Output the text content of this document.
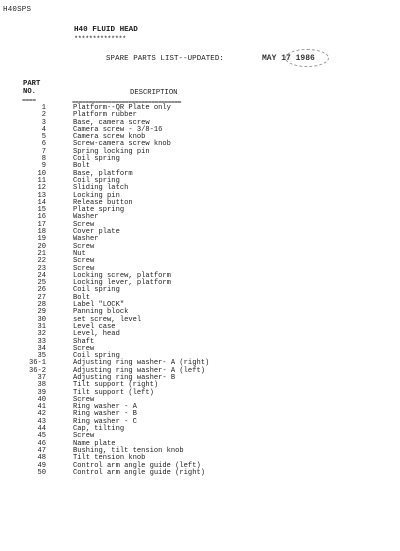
H40SPS
H40 FLUID HEAD
**************
SPARE PARTS LIST--UPDATED:	MAY 17 1986
PART
NO.	DESCRIPTION
====	=================================
1	Platform--QR Plate only
2	Platform rubber
3	Base, camera screw
4	Camera screw - 3/8-16
5	Camera screw knob
6	Screw-camera screw knob
7	Spring locking pin
8	Coil spring
9	Bolt
10	Base, platform
11	Coil spring
12	Sliding latch
13	Locking pin
14	Release button
15	Plate spring
16	Washer
17	Screw
18	Cover plate
19	Washer
20	Screw
21	Nut
22	Screw
23	Screw
24	Locking screw, platform
25	Locking lever, platform
26	Coil spring
27	Bolt
28	Label "LOCK"
29	Panning block
30	set screw, level
31	Level case
32	Level, head
33	Shaft
34	Screw
35	Coil spring
36-1	Adjusting ring washer- A (right)
36-2	Adjusting ring washer- A (left)
37	Adjusting ring washer- B
38	Tilt support (right)
39	Tilt support (left)
40	Screw
41	Ring washer - A
42	Ring washer - B
43	Ring washer - C
44	Cap, tilting
45	Screw
46	Name plate
47	Bushing, tilt tension knob
48	Tilt tension knob
49	Control arm angle guide (left)
50	Control arm angle guide (right)
